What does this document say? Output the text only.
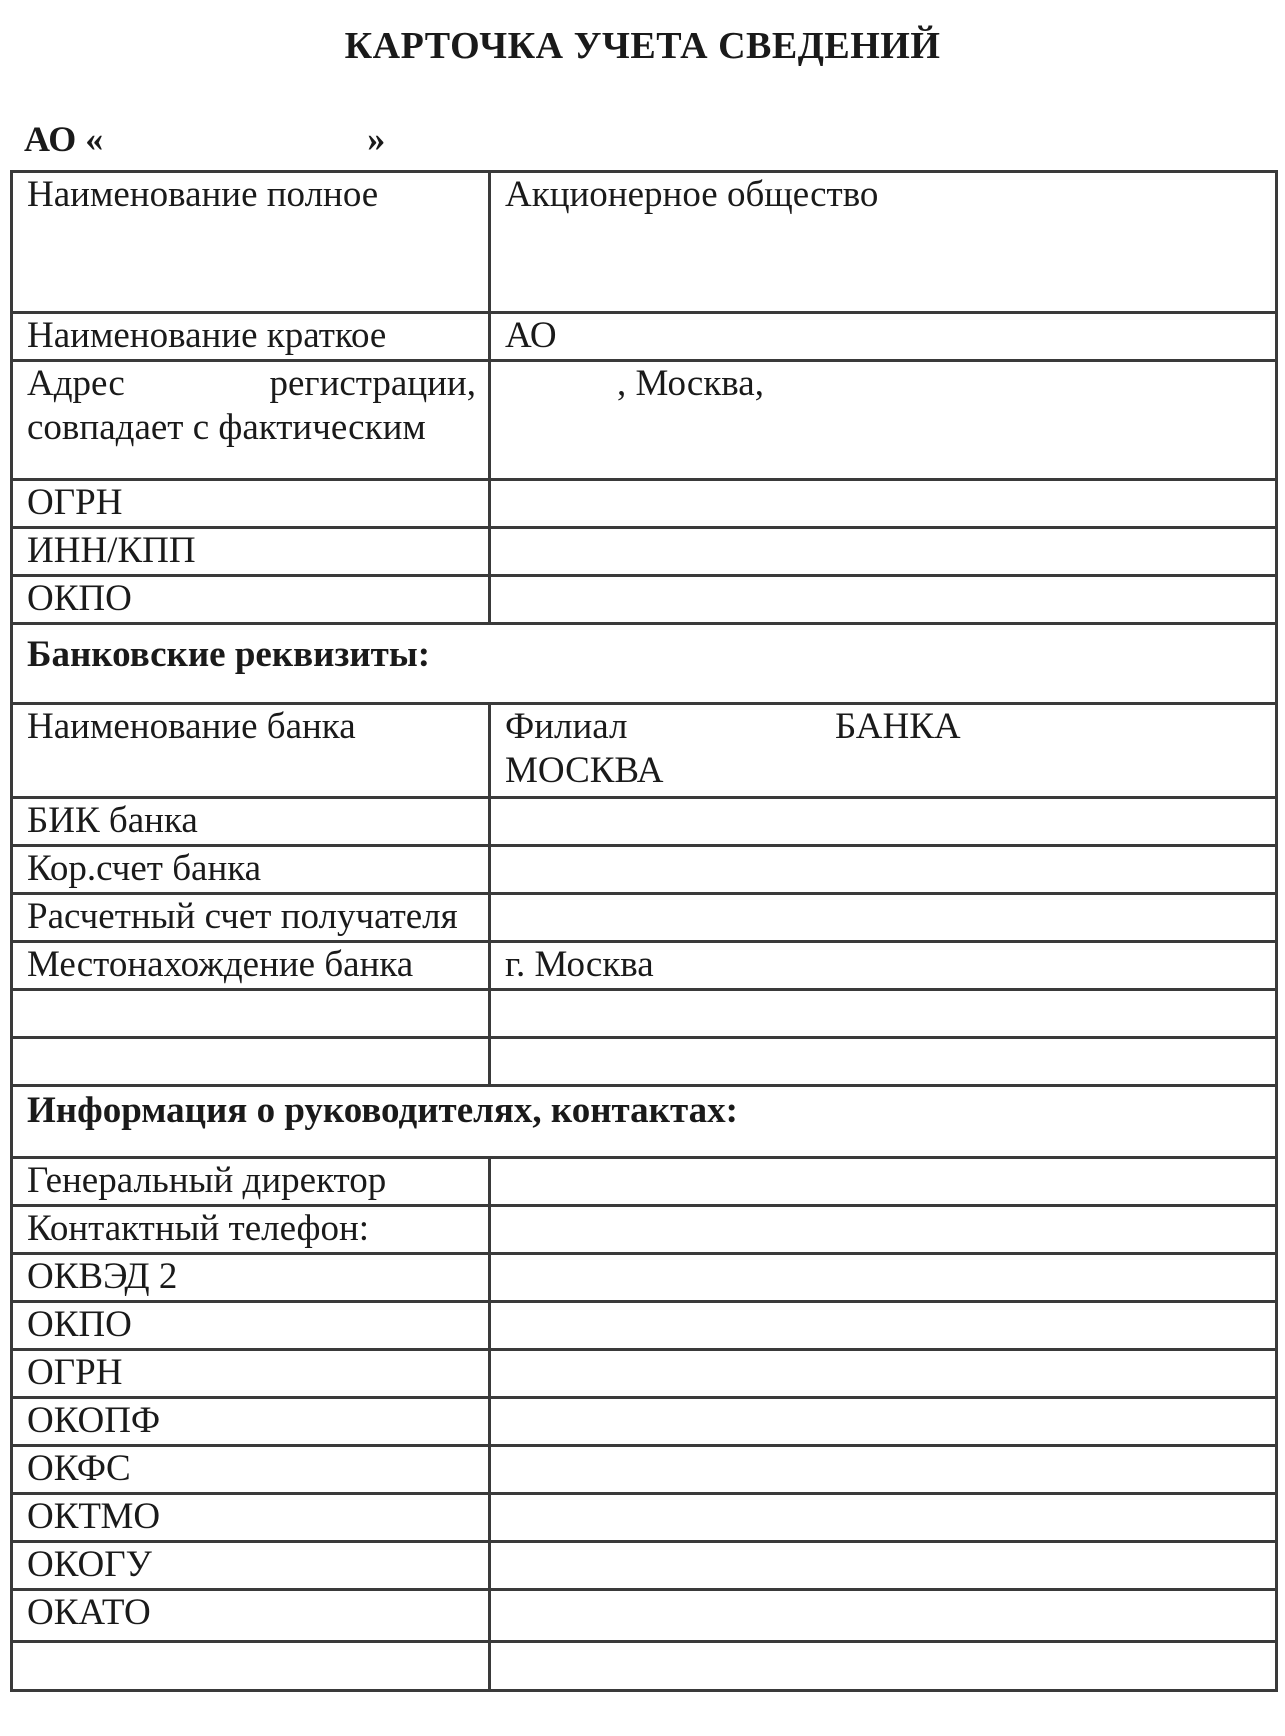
КАРТОЧКА УЧЕТА СВЕДЕНИЙ
АО «	»
Наименование полное	Акционерное общество
Наименование краткое	АО
Адрес регистрации, совпадает с фактическим	, Москва,
ОГРН	
ИНН/КПП	
ОКПО	
Банковские реквизиты:	
Наименование банка	Филиал БАНКА
МОСКВА
БИК банка	
Кор.счет банка	
Расчетный счет получателя	
Местонахождение банка	г. Москва

Информация о руководителях, контактах:	
Генеральный директор	
Контактный телефон:	
ОКВЭД 2	
ОКПО	
ОГРН	
ОКОПФ	
ОКФС	
ОКТМО	
ОКОГУ	
ОКАТО	
